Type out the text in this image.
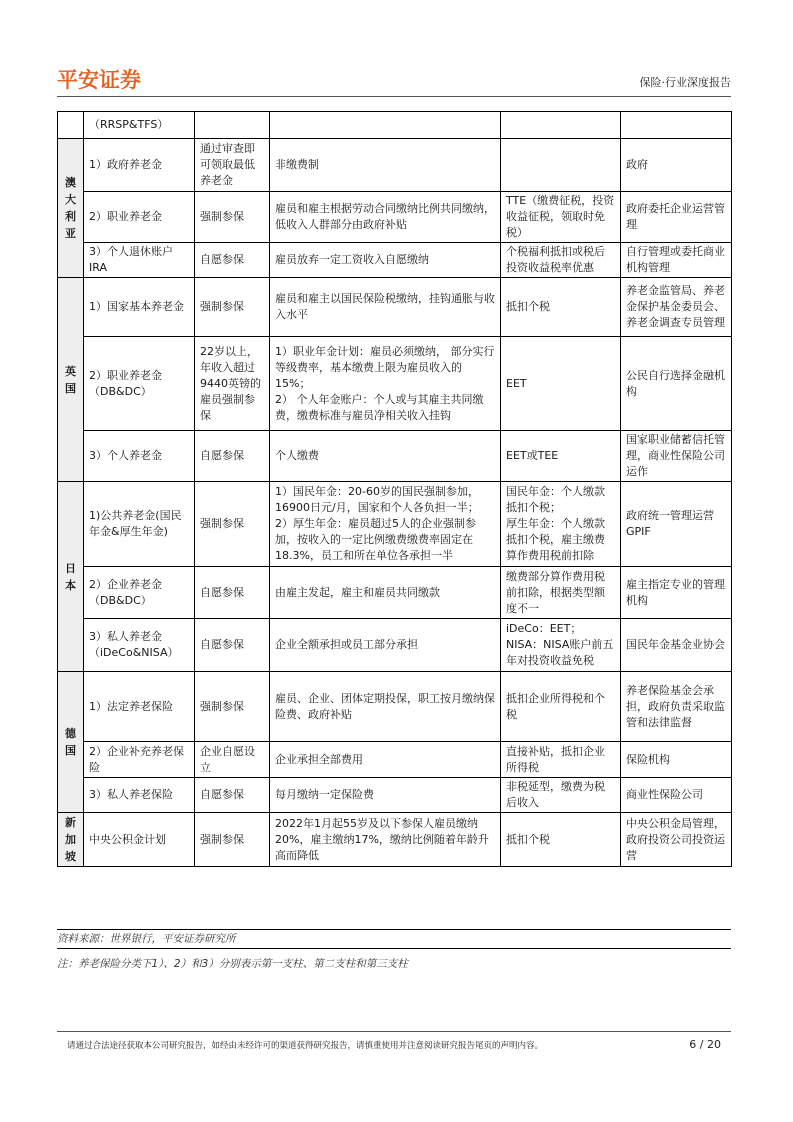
平安证券	保险·行业深度报告
	（RRSP&TFS）				

澳大利亚	1）政府养老金	通过审查即可领取最低养老金	非缴费制		政府
	2）职业养老金	强制参保	雇员和雇主根据劳动合同缴纳比例共同缴纳，低收入人群部分由政府补贴	TTE（缴费征税，投资收益征税，领取时免税）	政府委托企业运营管理
	3）个人退休账户IRA	自愿参保	雇员放弃一定工资收入自愿缴纳	个税福利抵扣或税后投资收益税率优惠	自行管理或委托商业机构管理

英国	1）国家基本养老金	强制参保	雇员和雇主以国民保险税缴纳，挂钩通胀与收入水平	抵扣个税	养老金监管局、养老金保护基金委员会、养老金调查专员管理
	2）职业养老金（DB&DC）	22岁以上，年收入超过9440英镑的雇员强制参保	1）职业年金计划：雇员必须缴纳， 部分实行等级费率，基本缴费上限为雇员收入的15%；
2） 个人年金账户：个人或与其雇主共同缴费，缴费标准与雇员净相关收入挂钩	EET	公民自行选择金融机构
	3）个人养老金	自愿参保	个人缴费	EET或TEE	国家职业储蓄信托管理，商业性保险公司运作

日本	1)公共养老金(国民年金&厚生年金)	强制参保	1）国民年金：20-60岁的国民强制参加，16900日元/月，国家和个人各负担一半；
2）厚生年金：雇员超过5人的企业强制参加，按收入的一定比例缴费缴费率固定在18.3%，员工和所在单位各承担一半	国民年金：个人缴款抵扣个税；
厚生年金：个人缴款抵扣个税，雇主缴费算作费用税前扣除	政府统一管理运营GPIF
	2）企业养老金（DB&DC）	自愿参保	由雇主发起，雇主和雇员共同缴款	缴费部分算作费用税前扣除，根据类型额度不一	雇主指定专业的管理机构
	3）私人养老金（iDeCo&NISA）	自愿参保	企业全额承担或员工部分承担	iDeCo：EET；
NISA：NISA账户前五年对投资收益免税	国民年金基金业协会

德国	1）法定养老保险	强制参保	雇员、企业、团体定期投保，职工按月缴纳保险费、政府补贴	抵扣企业所得税和个税	养老保险基金会承担，政府负责采取监管和法律监督
	2）企业补充养老保险	企业自愿设立	企业承担全部费用	直接补贴，抵扣企业所得税	保险机构
	3）私人养老保险	自愿参保	每月缴纳一定保险费	非税延型，缴费为税后收入	商业性保险公司

新加坡	中央公积金计划	强制参保	2022年1月起55岁及以下参保人雇员缴纳20%，雇主缴纳17%，缴纳比例随着年龄升高而降低	抵扣个税	中央公积金局管理，政府投资公司投资运营
资料来源：世界银行，平安证券研究所
注：养老保险分类下1）、2）和3）分别表示第一支柱、第二支柱和第三支柱
请通过合法途径获取本公司研究报告，如经由未经许可的渠道获得研究报告，请慎重使用并注意阅读研究报告尾页的声明内容。	6 / 20
